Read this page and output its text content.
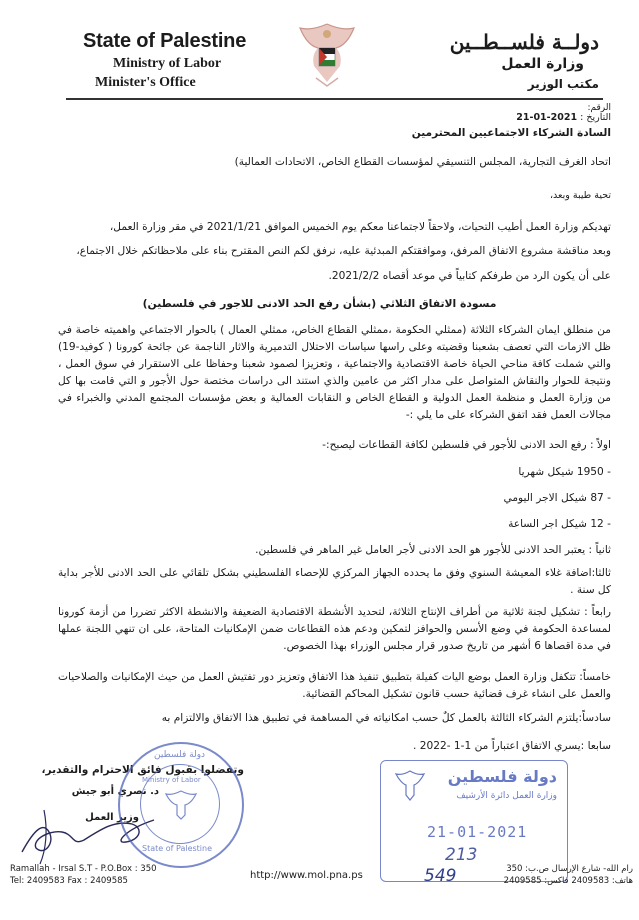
State of Palestine
Ministry of Labor
Minister's Office
دولــة فلســطــين
وزارة العمل
مكتب الوزير
الرقم:
التاريخ : 2021-01-21
السادة الشركاء الاجتماعيين المحترمين
اتحاد الغرف التجارية، المجلس التنسيقي لمؤسسات القطاع الخاص، الاتحادات العمالية)
تحية طيبة وبعد،
تهديكم وزارة العمل أطيب التحيات، ولاحقاً لاجتماعنا معكم يوم الخميس الموافق 2021/1/21 في مقر وزارة العمل،
وبعد مناقشة مشروع الاتفاق المرفق، وموافقتكم المبدئية عليه، نرفق لكم النص المقترح بناء على ملاحظاتكم خلال الاجتماع،
على أن يكون الرد من طرفكم كتابياً في موعد أقصاه 2021/2/2.
مسودة الاتفاق الثلاثي (بشأن رفع الحد الادنى للاجور في فلسطين)
من منطلق ايمان الشركاء الثلاثة (ممثلي الحكومة ،ممثلي القطاع الخاص، ممثلي العمال ) بالحوار الاجتماعي واهميته خاصة في ظل الازمات التي تعصف بشعبنا وقضيته وعلى راسها سياسات الاحتلال التدميرية والاثار الناجمة عن جائحة كورونا ( كوفيد-19) والتي شملت كافة مناحي الحياة خاصة الاقتصادية والاجتماعية ، وتعزيزا لصمود شعبنا وحفاظا على الاستقرار في سوق العمل ، ونتيجة للحوار والنقاش المتواصل على مدار اكثر من عامين والذي استند الى دراسات مختصة حول الأجور و التي قامت بها كل من وزارة العمل و منظمة العمل الدولية و القطاع الخاص و النقابات العمالية و بعض مؤسسات المجتمع المدني والخبراء في مجالات العمل فقد اتفق الشركاء على ما يلي :-
اولاً : رفع الحد الادنى للأجور في فلسطين لكافة القطاعات ليصبح:-
- 1950 شيكل شهريا
- 87 شيكل الاجر اليومي
- 12 شيكل اجر الساعة
ثانياً : يعتبر الحد الادنى للأجور هو الحد الادنى لأجر العامل غير الماهر في فلسطين.
ثالثا:اضافة غلاء المعيشة السنوي وفق ما يحدده الجهاز المركزي للإحصاء الفلسطيني بشكل تلقائي على الحد الادنى للأجر بداية كل سنة .
رابعاً : تشكيل لجنة ثلاثية من أطراف الإنتاج الثلاثة، لتحديد الأنشطة الاقتصادية الضعيفة والانشطة الاكثر تضررا من أزمة كورونا لمساعدة الحكومة في وضع الأسس والحوافز لتمكين ودعم هذه القطاعات ضمن الإمكانيات المتاحة، على ان تنهي اللجنة عملها في مدة اقصاها 6 أشهر من تاريخ صدور قرار مجلس الوزراء بهذا الخصوص.
خامساً: تتكفل وزارة العمل بوضع اليات كفيلة بتطبيق تنفيذ هذا الاتفاق وتعزيز دور تفتيش العمل من حيث الإمكانيات والصلاحيات والعمل على انشاء غرف قضائية حسب قانون تشكيل المحاكم القضائية.
سادساً:يلتزم الشركاء الثالثة بالعمل كلٌ حسب امكانياته في المساهمة في تطبيق هذا الاتفاق والالتزام به
سابعا :يسري الاتفاق اعتباراً من 1-1 -2022 .
وتفضلوا بقبول فائق الاحترام والتقدير،
د. نصري أبو جيش
وزير العمل
دولة فلسطين
Ministry of Labor
State of Palestine
دولة فلسطين
وزارة العمل دائرة الأرشيف
21-01-2021
213
549
Ramallah - Irsal S.T - P.O.Box : 350
Tel: 2409583 Fax : 2409585	http://www.mol.pna.ps
رام الله- شارع الإرسال ص.ب: 350
هاتف: 2409583 فاكس: 2409585
